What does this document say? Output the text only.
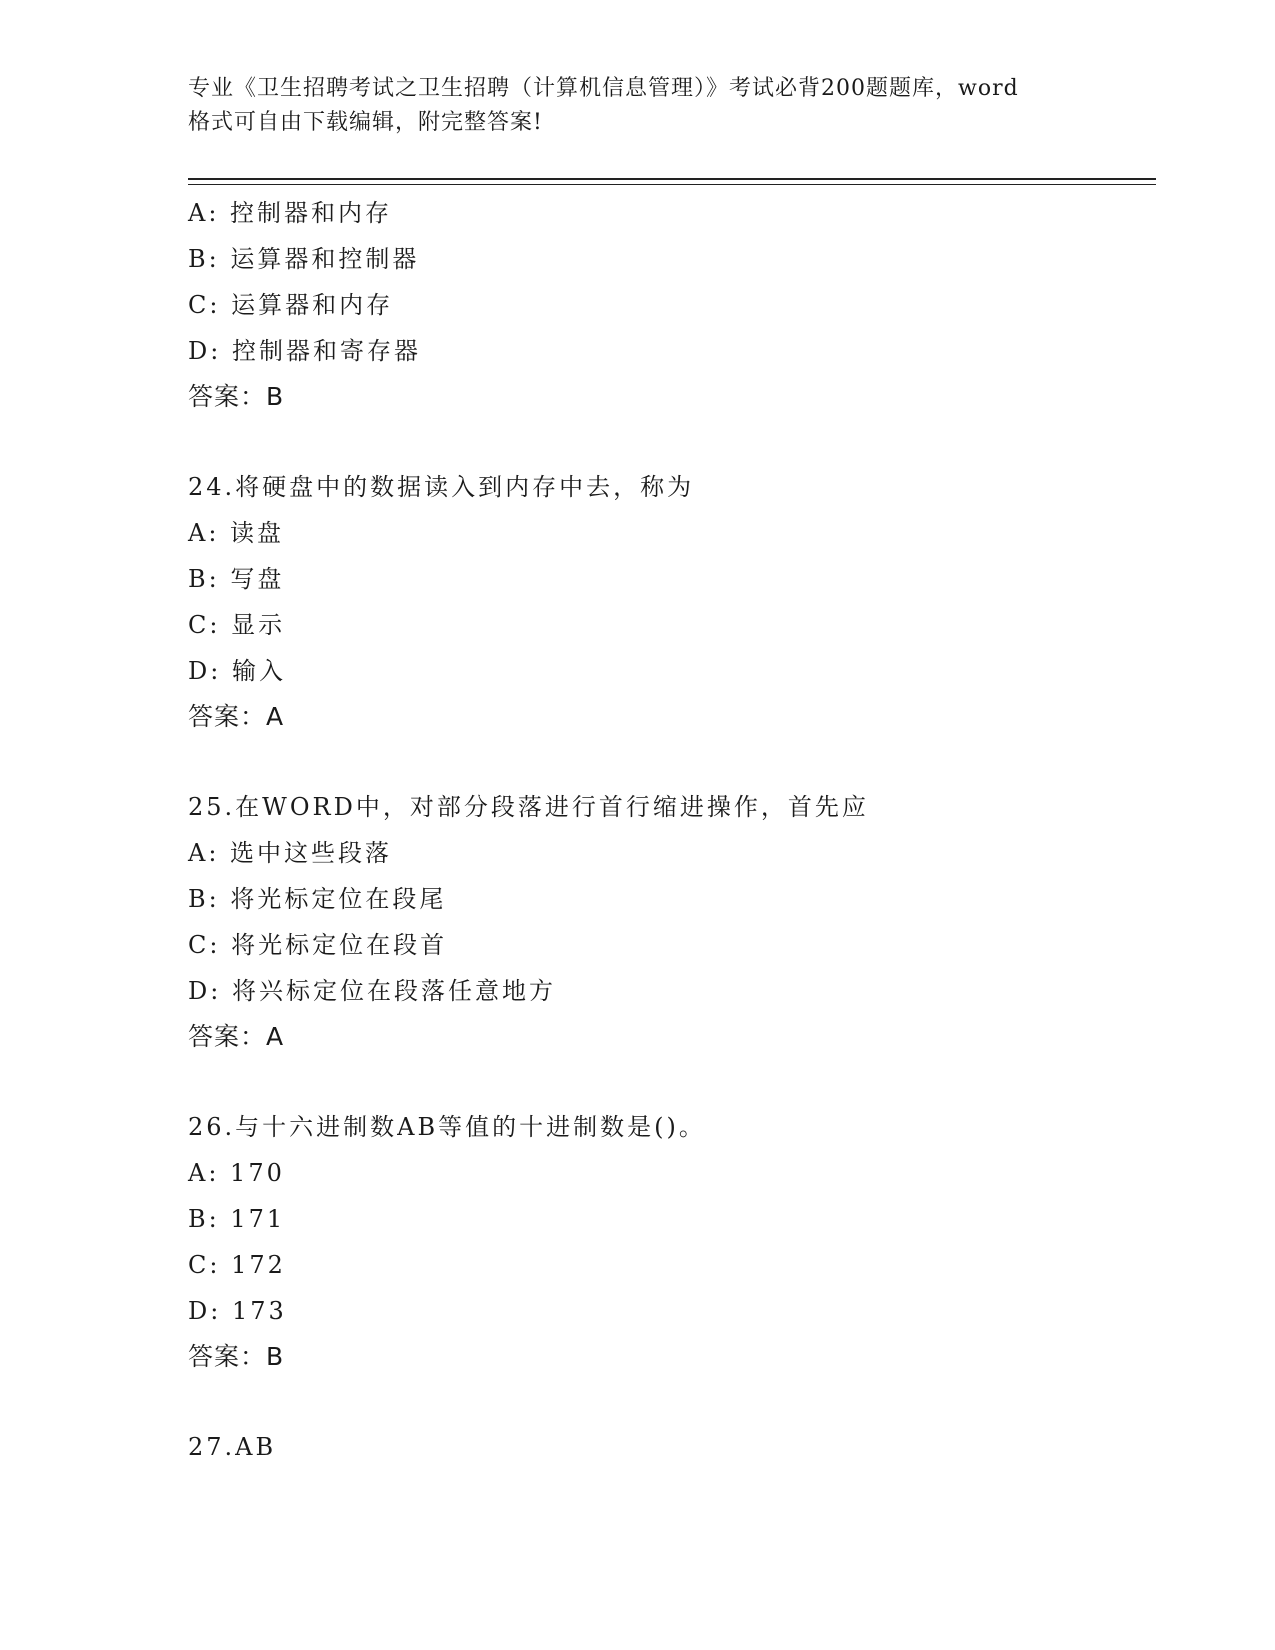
专业《卫生招聘考试之卫生招聘（计算机信息管理）》考试必背200题题库，word
格式可自由下载编辑，附完整答案!
A: 控制器和内存
B: 运算器和控制器
C: 运算器和内存
D: 控制器和寄存器
答案：B
24.将硬盘中的数据读入到内存中去，称为
A: 读盘
B: 写盘
C: 显示
D: 输入
答案：A
25.在WORD中，对部分段落进行首行缩进操作，首先应
A: 选中这些段落
B: 将光标定位在段尾
C: 将光标定位在段首
D: 将兴标定位在段落任意地方
答案：A
26.与十六进制数AB等值的十进制数是()。
A: 170
B: 171
C: 172
D: 173
答案：B
27.AB
